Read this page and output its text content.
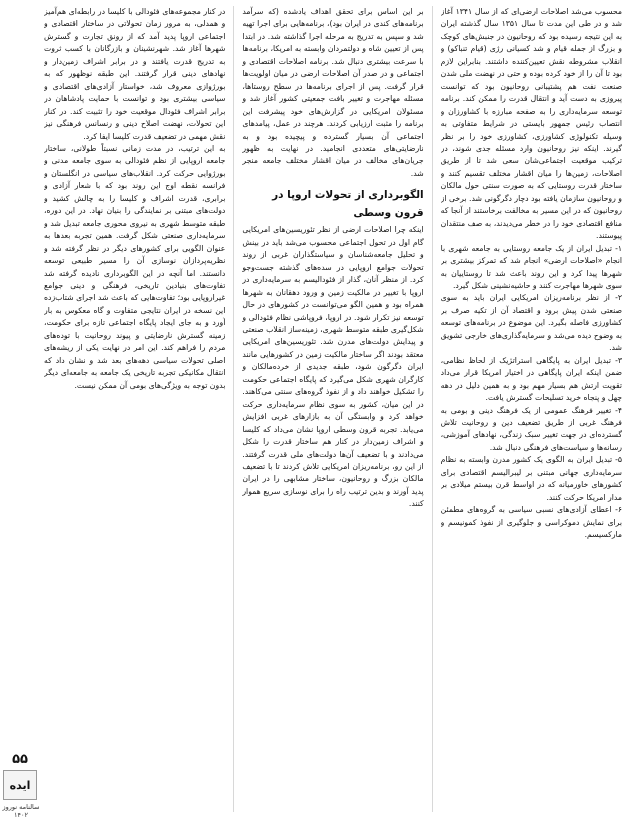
۵۵
ایده
سالنامه نوروز ۱۴۰۲

محسوب می‌شد اصلاحات ارضی‌ای که از سال ۱۳۴۱ آغاز شد و در طی این مدت تا سال ۱۳۵۱ سال گذشته ایران به این نتیجه رسیده بود که روحانیون در جنبش‌های کوچک و بزرگ از جمله قیام و شد کسیانی رژی (قیام تنباکو) و انقلاب مشروطه نقش تعیین‌کننده داشتند. بنابراین لازم بود تا آن را از خود کرده بوده و حتی در نهضت ملی شدن صنعت نفت هم پشتیبانی روحانیون بود که توانست پیروزی به دست آید و انتقال قدرت را ممکن کند. برنامه توسعه سرمایه‌داری را به صفحه مبارزه با کشاورزان و انتصاب رئیس جمهور بایستی در شرایط متفاوتی به وسیله تکنولوژی کشاورزی، کشاورزی خود را بر نظر گیرند. اینکه نیز روحانیون وارد مسئله جدی شوند، در ترکیب موقعیت اجتماعی‌شان سعی شد تا از طریق اصلاحات، زمین‌ها را میان اقشار مختلف تقسیم کنند و ساختار قدرت روستایی که به صورت سنتی حول مالکان و روحانیون سازمان یافته بود دچار دگرگونی شد. برخی از روحانیون که در این مسیر به مخالفت برخاستند از آنجا که منافع اقتصادی خود را در خطر می‌دیدند، به صف منتقدان پیوستند.

۱- تبدیل ایران از یک جامعه روستایی به جامعه شهری با انجام «اصلاحات ارضی» انجام شد که تمرکز بیشتری بر شهرها پیدا کرد و این روند باعث شد تا روستاییان به سوی شهرها مهاجرت کنند و حاشیه‌نشینی شکل گیرد.

۲- از نظر برنامه‌ریزان امریکایی ایران باید به سوی صنعتی شدن پیش برود و اقتصاد آن از تکیه صرف بر کشاورزی فاصله بگیرد. این موضوع در برنامه‌های توسعه به وضوح دیده می‌شد و سرمایه‌گذاری‌های خارجی تشویق شد.

۳- تبدیل ایران به پایگاهی استراتژیک از لحاظ نظامی، ضمن اینکه ایران پایگاهی در اختیار امریکا قرار می‌داد تقویت ارتش هم بسیار مهم بود و به همین دلیل در دهه چهل و پنجاه خرید تسلیحات گسترش یافت.

۴- تغییر فرهنگ عمومی از یک فرهنگ دینی و بومی به فرهنگ غربی از طریق تضعیف دین و روحانیت تلاش گسترده‌ای در جهت تغییر سبک زندگی، نهادهای آموزشی، رسانه‌ها و سیاست‌های فرهنگی دنبال شد.

۵- تبدیل ایران به الگوی یک کشور مدرن وابسته به نظام سرمایه‌داری جهانی مبتنی بر لیبرالیسم اقتصادی برای کشورهای خاورمیانه که در اواسط قرن بیستم میلادی بر مدار امریکا حرکت کنند.

۶- اعطای آزادی‌های نسبی سیاسی به گروه‌های مطمئن برای نمایش دموکراسی و جلوگیری از نفوذ کمونیسم و مارکسیسم.

بر این اساس برای تحقق اهداف یادشده (که سرآمد برنامه‌های کندی در ایران بود)، برنامه‌هایی برای اجرا تهیه شد و سپس به تدریج به مرحله اجرا گذاشته شد. در ابتدا پس از تعیین شاه و دولتمردان وابسته به امریکا، برنامه‌ها با سرعت بیشتری دنبال شد. برنامه اصلاحات اقتصادی و اجتماعی و در صدر آن اصلاحات ارضی در میان اولویت‌ها قرار گرفت. پس از اجرای برنامه‌ها در سطح روستاها، مسئله مهاجرت و تغییر بافت جمعیتی کشور آغاز شد و مسئولان امریکایی در گزارش‌های خود پیشرفت این برنامه را مثبت ارزیابی کردند. هرچند در عمل، پیامدهای اجتماعی آن بسیار گسترده و پیچیده بود و به نارضایتی‌های متعددی انجامید. در نهایت به ظهور جریان‌های مخالف در میان اقشار مختلف جامعه منجر شد.

الگوبرداری از تحولات اروپا در قرون وسطی

اینکه چرا اصلاحات ارضی از نظر تئوریسین‌های امریکایی گام اول در تحول اجتماعی محسوب می‌شد باید در بینش و تحلیل جامعه‌شناسان و سیاستگذاران غربی از روند تحولات جوامع اروپایی در سده‌های گذشته جست‌وجو کرد. از منظر آنان، گذار از فئودالیسم به سرمایه‌داری در اروپا با تغییر در مالکیت زمین و ورود دهقانان به شهرها همراه بود و همین الگو می‌توانست در کشورهای در حال توسعه نیز تکرار شود. در اروپا، فروپاشی نظام فئودالی و شکل‌گیری طبقه متوسط شهری، زمینه‌ساز انقلاب صنعتی و پیدایش دولت‌های مدرن شد. تئوریسین‌های امریکایی معتقد بودند اگر ساختار مالکیت زمین در کشورهایی مانند ایران دگرگون شود، طبقه جدیدی از خرده‌مالکان و کارگران شهری شکل می‌گیرد که پایگاه اجتماعی حکومت را تشکیل خواهند داد و از نفوذ گروه‌های سنتی می‌کاهند. در این میان، کشور به سوی نظام سرمایه‌داری حرکت خواهد کرد و وابستگی آن به بازارهای غربی افزایش می‌یابد. تجربه قرون وسطی اروپا نشان می‌داد که کلیسا و اشراف زمین‌دار در کنار هم ساختار قدرت را شکل می‌دادند و با تضعیف آن‌ها دولت‌های ملی قدرت گرفتند. از این رو، برنامه‌ریزان امریکایی تلاش کردند تا با تضعیف مالکان بزرگ و روحانیون، ساختار مشابهی را در ایران پدید آورند و بدین ترتیب راه را برای نوسازی سریع هموار کنند.

در کنار مجموعه‌های فئودالی با کلیسا در رابطه‌ای هم‌آمیز و همدلی، به مرور زمان تحولاتی در ساختار اقتصادی و اجتماعی اروپا پدید آمد که از رونق تجارت و گسترش شهرها آغاز شد. شهرنشینان و بازرگانان با کسب ثروت به تدریج قدرت یافتند و در برابر اشراف زمین‌دار و نهادهای دینی قرار گرفتند. این طبقه نوظهور که به بورژوازی معروف شد، خواستار آزادی‌های اقتصادی و سیاسی بیشتری بود و توانست با حمایت پادشاهان در برابر اشراف فئودال موقعیت خود را تثبیت کند. در کنار این تحولات، نهضت اصلاح دینی و رنسانس فرهنگی نیز نقش مهمی در تضعیف قدرت کلیسا ایفا کرد.

به این ترتیب، در مدت زمانی نسبتاً طولانی، ساختار جامعه اروپایی از نظم فئودالی به سوی جامعه مدنی و بورژوایی حرکت کرد. انقلاب‌های سیاسی در انگلستان و فرانسه نقطه اوج این روند بود که با شعار آزادی و برابری، قدرت اشراف و کلیسا را به چالش کشید و دولت‌های مبتنی بر نمایندگی را بنیان نهاد. در این دوره، طبقه متوسط شهری به نیروی محوری جامعه تبدیل شد و سرمایه‌داری صنعتی شکل گرفت. همین تجربه بعدها به عنوان الگویی برای کشورهای دیگر در نظر گرفته شد و نظریه‌پردازان نوسازی آن را مسیر طبیعی توسعه دانستند. اما آنچه در این الگوبرداری نادیده گرفته شد تفاوت‌های بنیادین تاریخی، فرهنگی و دینی جوامع غیراروپایی بود؛ تفاوت‌هایی که باعث شد اجرای شتاب‌زده این نسخه در ایران نتایجی متفاوت و گاه معکوس به بار آورد و به جای ایجاد پایگاه اجتماعی تازه برای حکومت، زمینه گسترش نارضایتی و پیوند روحانیت با توده‌های مردم را فراهم کند. این امر در نهایت یکی از ریشه‌های اصلی تحولات سیاسی دهه‌های بعد شد و نشان داد که انتقال مکانیکی تجربه تاریخی یک جامعه به جامعه‌ای دیگر بدون توجه به ویژگی‌های بومی آن ممکن نیست.
